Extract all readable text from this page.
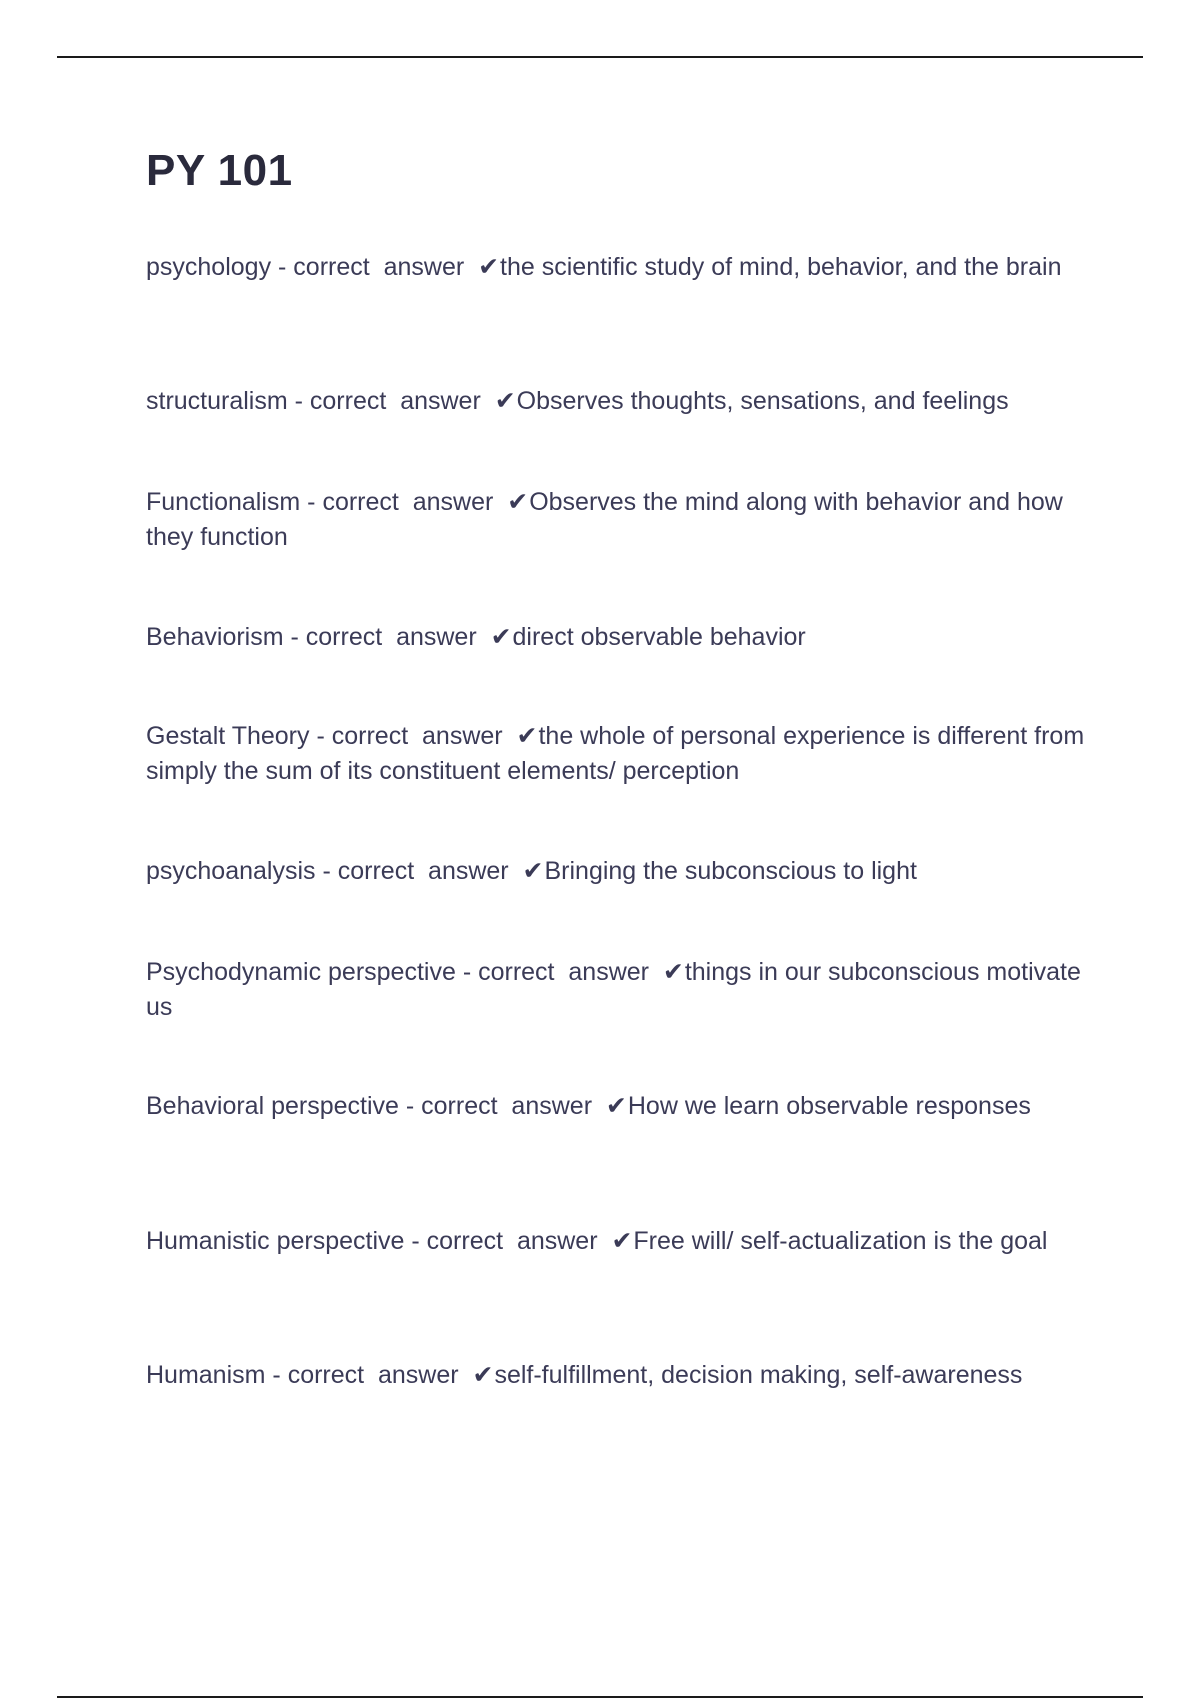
PY 101

psychology - correct  answer  ✔the scientific study of mind, behavior, and the brain

structuralism - correct  answer  ✔Observes thoughts, sensations, and feelings

Functionalism - correct  answer  ✔Observes the mind along with behavior and how they function

Behaviorism - correct  answer  ✔direct observable behavior

Gestalt Theory - correct  answer  ✔the whole of personal experience is different from simply the sum of its constituent elements/ perception

psychoanalysis - correct  answer  ✔Bringing the subconscious to light

Psychodynamic perspective - correct  answer  ✔things in our subconscious motivate us

Behavioral perspective - correct  answer  ✔How we learn observable responses

Humanistic perspective - correct  answer  ✔Free will/ self-actualization is the goal

Humanism - correct  answer  ✔self-fulfillment, decision making, self-awareness
